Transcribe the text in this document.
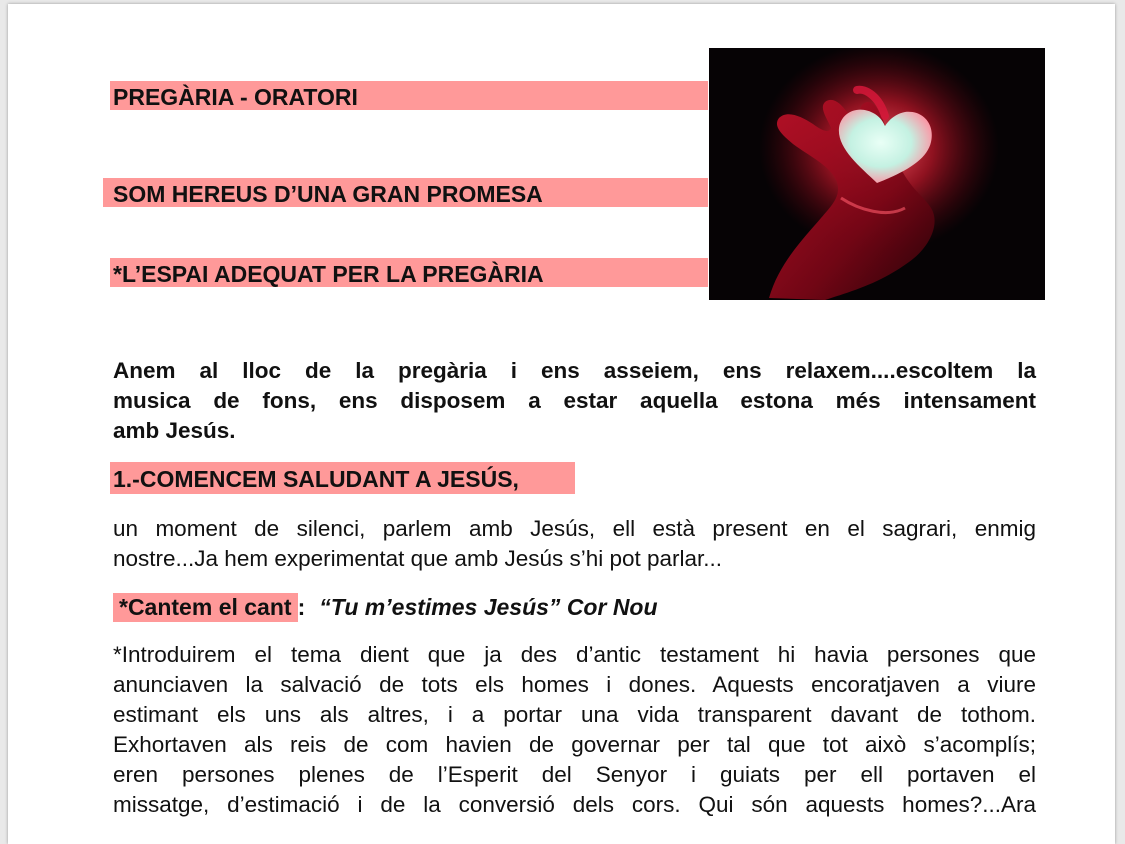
PREGÀRIA - ORATORI
SOM HEREUS D’UNA GRAN PROMESA
*L’ESPAI ADEQUAT PER LA PREGÀRIA
Anem al lloc de la pregària i ens asseiem, ens relaxem....escoltem la
musica de fons, ens disposem a estar aquella estona més intensament
amb Jesús.
1.-COMENCEM SALUDANT A JESÚS,
un moment de silenci, parlem amb Jesús, ell està present en el sagrari, enmig
nostre...Ja hem experimentat que amb Jesús s’hi pot parlar...
*Cantem el cant : “Tu m’estimes Jesús” Cor Nou
*Introduirem el tema dient que ja des d’antic testament hi havia persones que
anunciaven la salvació de tots els homes i dones. Aquests encoratjaven a viure
estimant els uns als altres, i a portar una vida transparent davant de tothom.
Exhortaven als reis de com havien de governar per tal que tot això s’acomplís;
eren persones plenes de l’Esperit del Senyor i guiats per ell portaven el
missatge, d’estimació i de la conversió dels cors. Qui són aquests homes?...Ara
